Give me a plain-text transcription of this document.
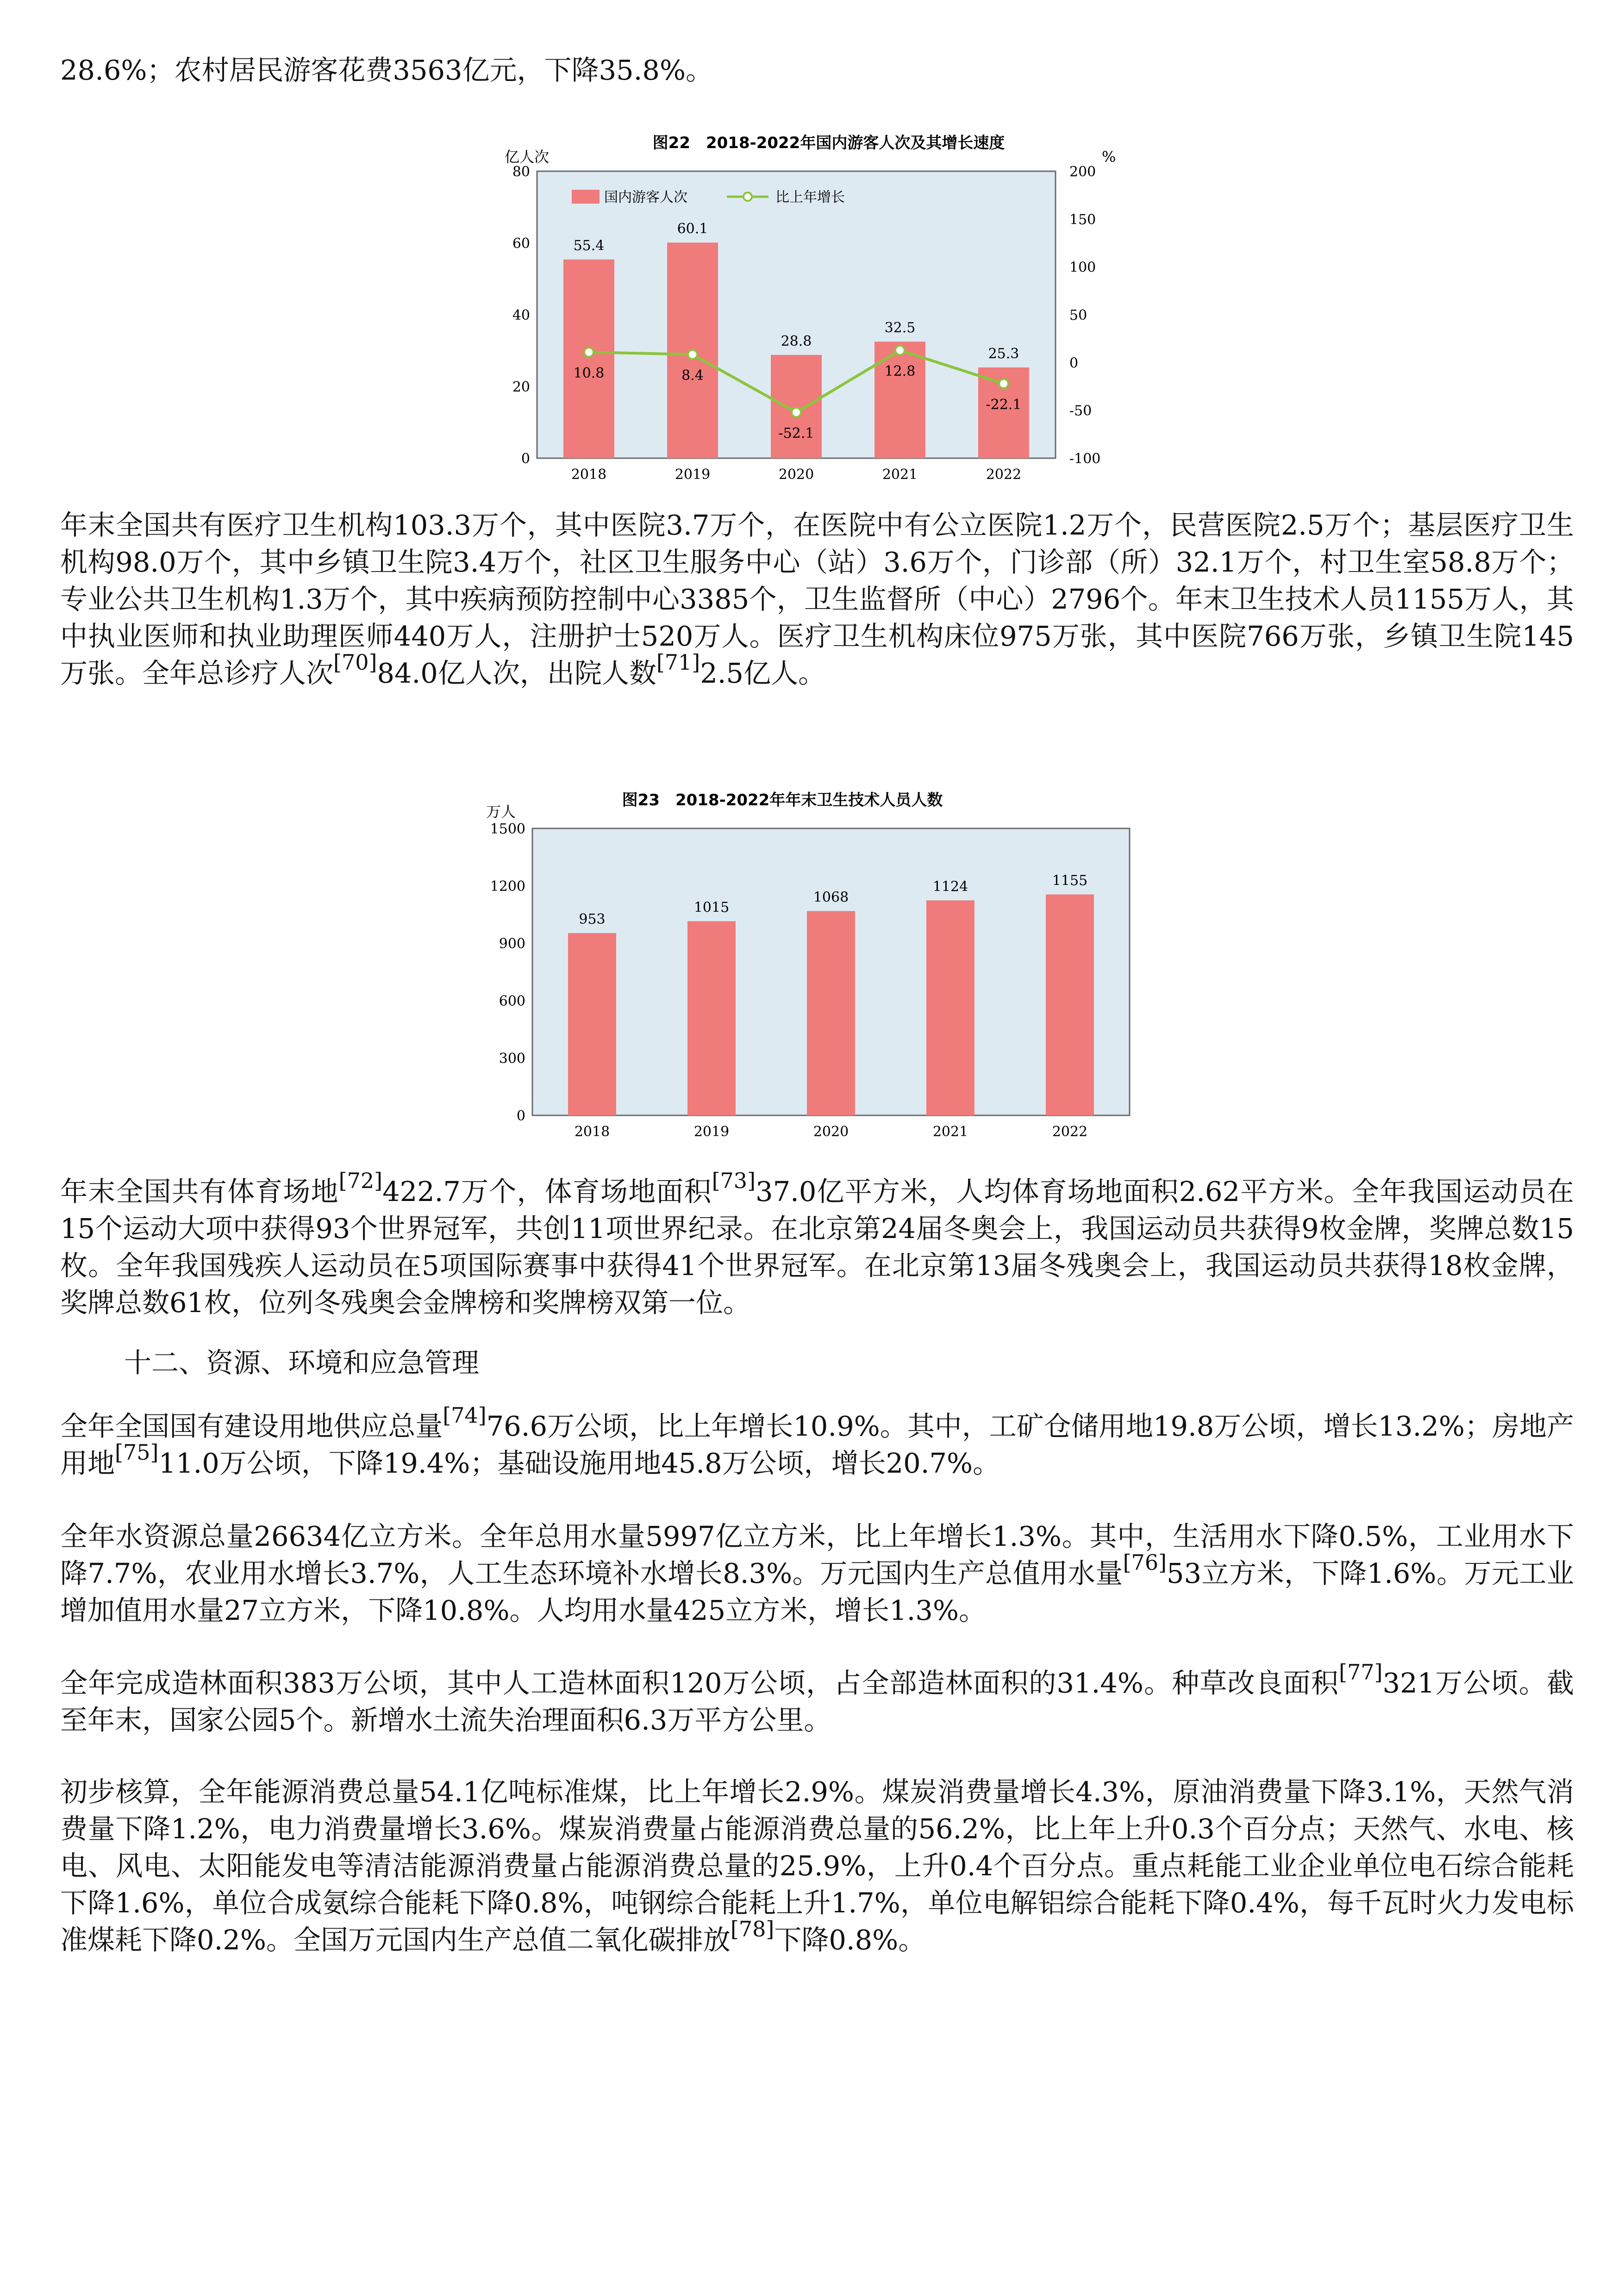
28.6%；农村居民游客花费3563亿元，下降35.8%。

图22　2018-2022年国内游客人次及其增长速度
亿人次	%
0
20
40
60
80
-100
-50
0
50
100
150
200
55.4
60.1
28.8
32.5
25.3
10.8	8.4
-52.1
12.8
-22.1
2018	2019	2020	2021	2022
国内游客人次	比上年增长

年末全国共有医疗卫生机构103.3万个，其中医院3.7万个，在医院中有公立医院1.2万个，民营医院2.5万个；基层医疗卫生机构98.0万个，其中乡镇卫生院3.4万个，社区卫生服务中心（站）3.6万个，门诊部（所）32.1万个，村卫生室58.8万个；专业公共卫生机构1.3万个，其中疾病预防控制中心3385个，卫生监督所（中心）2796个。年末卫生技术人员1155万人，其中执业医师和执业助理医师440万人，注册护士520万人。医疗卫生机构床位975万张，其中医院766万张，乡镇卫生院145万张。全年总诊疗人次[70]84.0亿人次，出院人数[71]2.5亿人。

图23　2018-2022年年末卫生技术人员人数
万人
0
300
600
900
1200
1500
953
1015
1068
1124	1155
2018	2019	2020	2021	2022

年末全国共有体育场地[72]422.7万个，体育场地面积[73]37.0亿平方米，人均体育场地面积2.62平方米。全年我国运动员在15个运动大项中获得93个世界冠军，共创11项世界纪录。在北京第24届冬奥会上，我国运动员共获得9枚金牌，奖牌总数15枚。全年我国残疾人运动员在5项国际赛事中获得41个世界冠军。在北京第13届冬残奥会上，我国运动员共获得18枚金牌，奖牌总数61枚，位列冬残奥会金牌榜和奖牌榜双第一位。

十二、资源、环境和应急管理

全年全国国有建设用地供应总量[74]76.6万公顷，比上年增长10.9%。其中，工矿仓储用地19.8万公顷，增长13.2%；房地产用地[75]11.0万公顷，下降19.4%；基础设施用地45.8万公顷，增长20.7%。

全年水资源总量26634亿立方米。全年总用水量5997亿立方米，比上年增长1.3%。其中，生活用水下降0.5%，工业用水下降7.7%，农业用水增长3.7%，人工生态环境补水增长8.3%。万元国内生产总值用水量[76]53立方米，下降1.6%。万元工业增加值用水量27立方米，下降10.8%。人均用水量425立方米，增长1.3%。

全年完成造林面积383万公顷，其中人工造林面积120万公顷，占全部造林面积的31.4%。种草改良面积[77]321万公顷。截至年末，国家公园5个。新增水土流失治理面积6.3万平方公里。

初步核算，全年能源消费总量54.1亿吨标准煤，比上年增长2.9%。煤炭消费量增长4.3%，原油消费量下降3.1%，天然气消费量下降1.2%，电力消费量增长3.6%。煤炭消费量占能源消费总量的56.2%，比上年上升0.3个百分点；天然气、水电、核电、风电、太阳能发电等清洁能源消费量占能源消费总量的25.9%，上升0.4个百分点。重点耗能工业企业单位电石综合能耗下降1.6%，单位合成氨综合能耗下降0.8%，吨钢综合能耗上升1.7%，单位电解铝综合能耗下降0.4%，每千瓦时火力发电标准煤耗下降0.2%。全国万元国内生产总值二氧化碳排放[78]下降0.8%。
